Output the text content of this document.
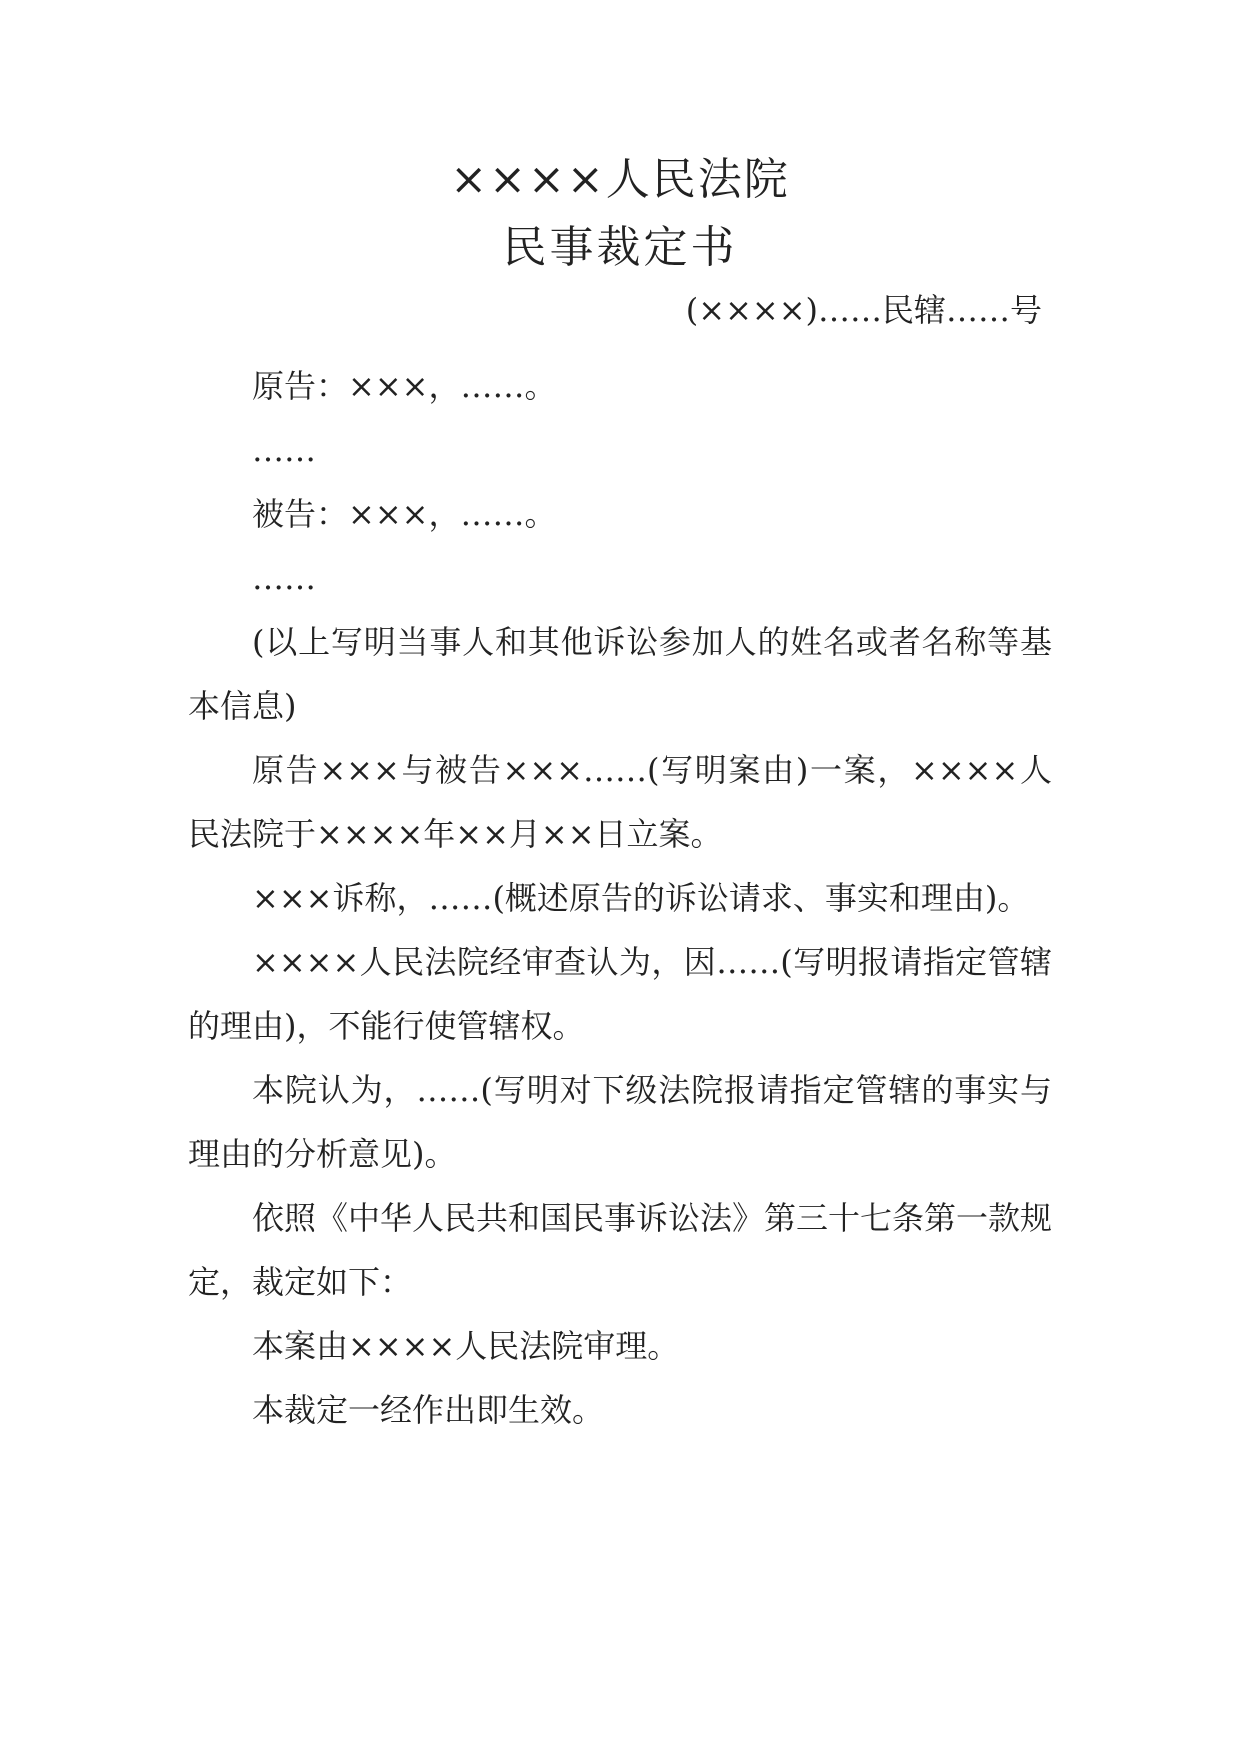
××××人民法院
民事裁定书
(××××)……民辖……号

原告：×××，……。

……

被告：×××，……。

……

(以上写明当事人和其他诉讼参加人的姓名或者名称等基本信息)

原告×××与被告×××……(写明案由)一案，××××人民法院于××××年××月××日立案。

×××诉称，……(概述原告的诉讼请求、事实和理由)。

××××人民法院经审查认为，因……(写明报请指定管辖的理由)，不能行使管辖权。

本院认为，……(写明对下级法院报请指定管辖的事实与理由的分析意见)。

依照《中华人民共和国民事诉讼法》第三十七条第一款规定，裁定如下：

本案由××××人民法院审理。

本裁定一经作出即生效。
